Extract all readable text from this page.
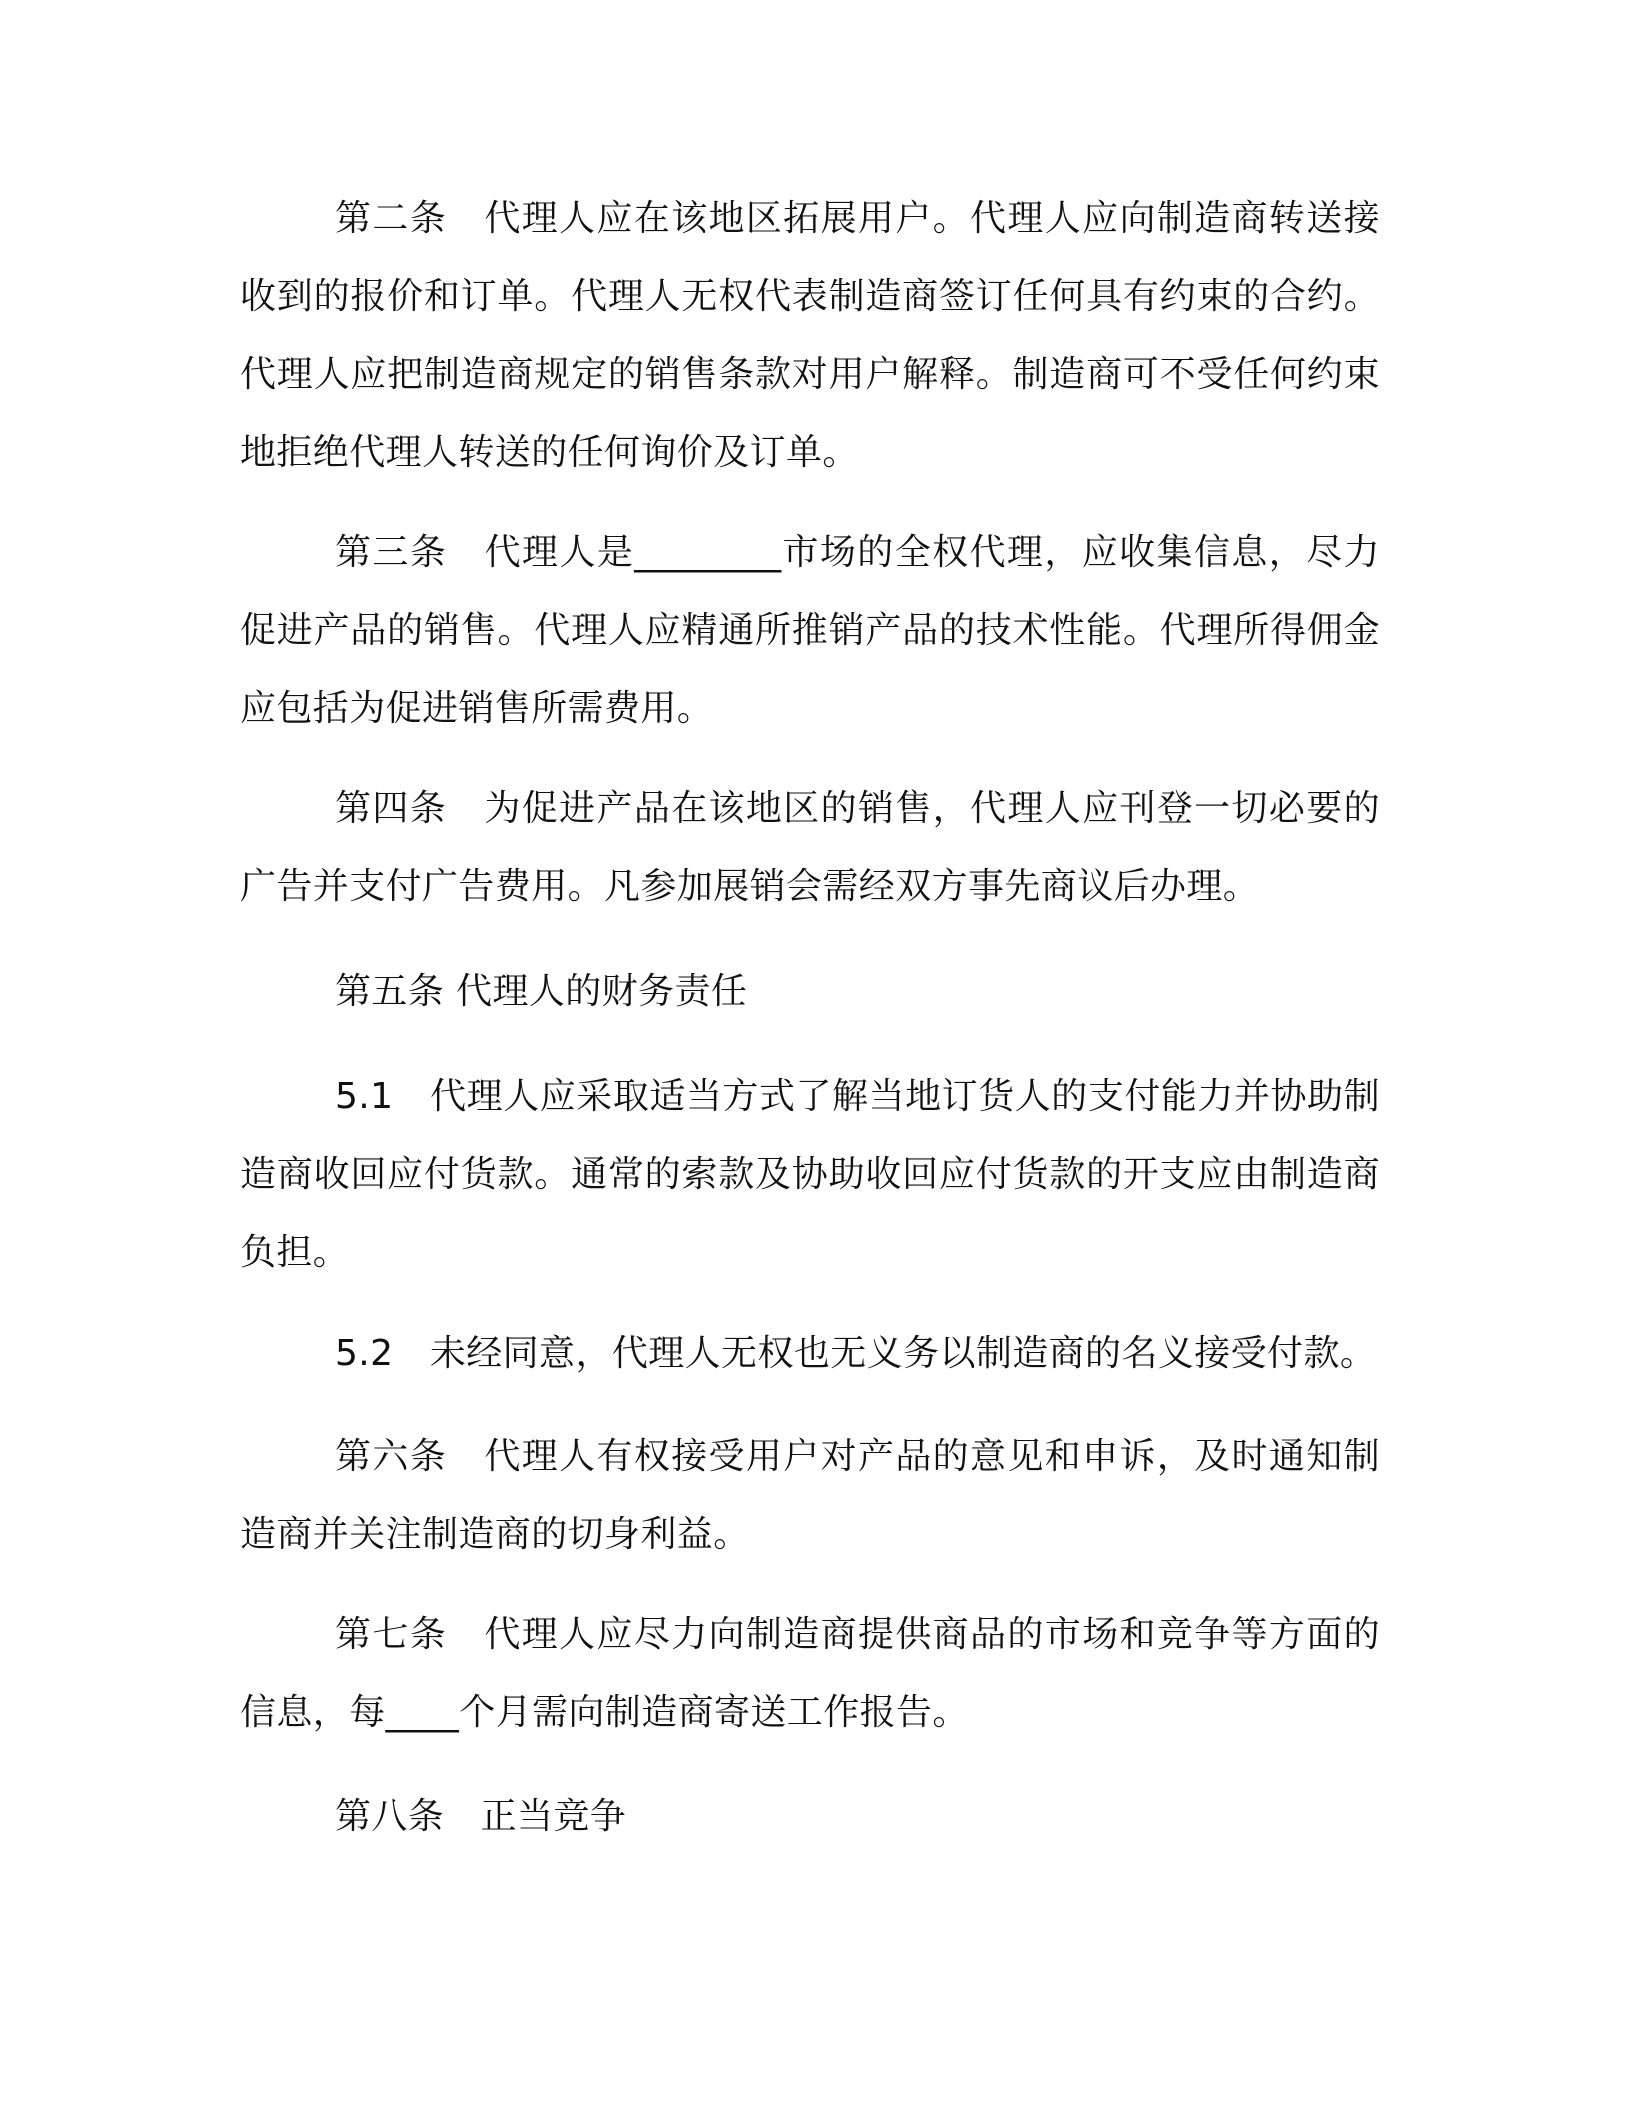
第二条　代理人应在该地区拓展用户。代理人应向制造商转送接收到的报价和订单。代理人无权代表制造商签订任何具有约束的合约。代理人应把制造商规定的销售条款对用户解释。制造商可不受任何约束地拒绝代理人转送的任何询价及订单。

第三条　代理人是________市场的全权代理，应收集信息，尽力促进产品的销售。代理人应精通所推销产品的技术性能。代理所得佣金应包括为促进销售所需费用。

第四条　为促进产品在该地区的销售，代理人应刊登一切必要的广告并支付广告费用。凡参加展销会需经双方事先商议后办理。

第五条 代理人的财务责任

5.1　代理人应采取适当方式了解当地订货人的支付能力并协助制造商收回应付货款。通常的索款及协助收回应付货款的开支应由制造商负担。

5.2　未经同意，代理人无权也无义务以制造商的名义接受付款。

第六条　代理人有权接受用户对产品的意见和申诉，及时通知制造商并关注制造商的切身利益。

第七条　代理人应尽力向制造商提供商品的市场和竞争等方面的信息，每____个月需向制造商寄送工作报告。

第八条　正当竞争
